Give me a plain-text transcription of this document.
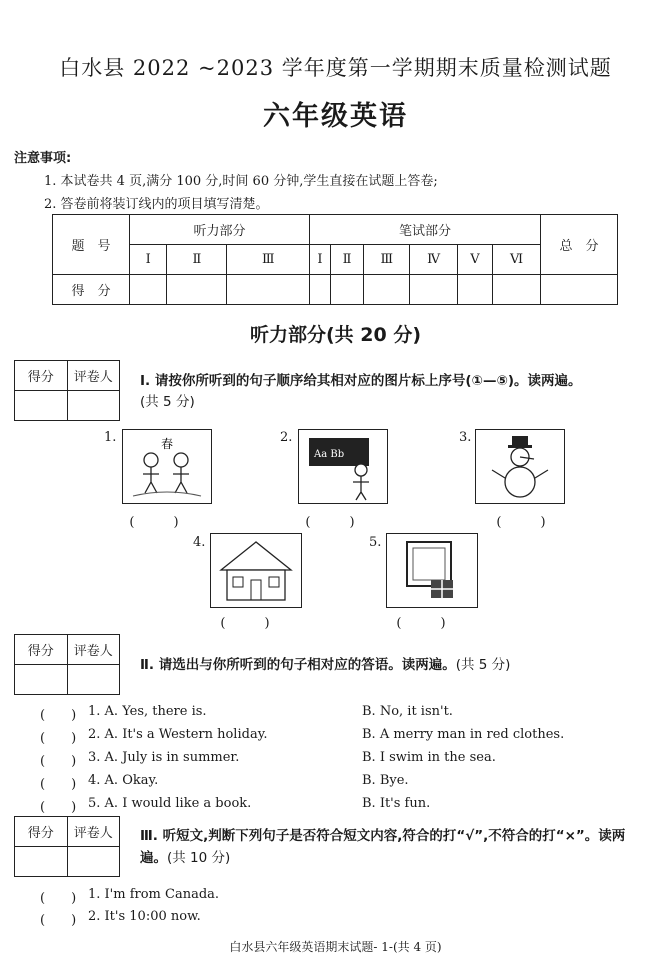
白水县 2022 ~2023 学年度第一学期期末质量检测试题
六年级英语
注意事项:
1. 本试卷共 4 页,满分 100 分,时间 60 分钟,学生直接在试题上答卷;
2. 答卷前将装订线内的项目填写清楚。
题　号	听力部分			笔试部分						总　分
	Ⅰ	Ⅱ	Ⅲ	Ⅰ	Ⅱ	Ⅲ	Ⅳ	Ⅴ	Ⅵ	
得　分										
听力部分(共 20 分)
得分	评卷人
	Ⅰ. 请按你所听到的句子顺序给其相对应的图片标上序号(①—⑤)。读两遍。
(共 5 分)
1.	春
(　　　)
2.
Aa Bb
(　　　)
3.
(　　　)
4.
(　　　)
5.
(　　　)
得分	评卷人

Ⅱ. 请选出与你所听到的句子相对应的答语。读两遍。(共 5 分)
(　　) 1. A. Yes, there is.	B. No, it isn't.
(　　) 2. A. It's a Western holiday.	B. A merry man in red clothes.
(　　) 3. A. July is in summer.	B. I swim in the sea.
(　　) 4. A. Okay.	B. Bye.
(　　) 5. A. I would like a book.	B. It's fun.
得分	评卷人
	Ⅲ. 听短文,判断下列句子是否符合短文内容,符合的打“√”,不符合的打“×”。读两
遍。(共 10 分)
(　　) 1. I'm from Canada.
(　　) 2. It's 10:00 now.
白水县六年级英语期末试题- 1-(共 4 页)
